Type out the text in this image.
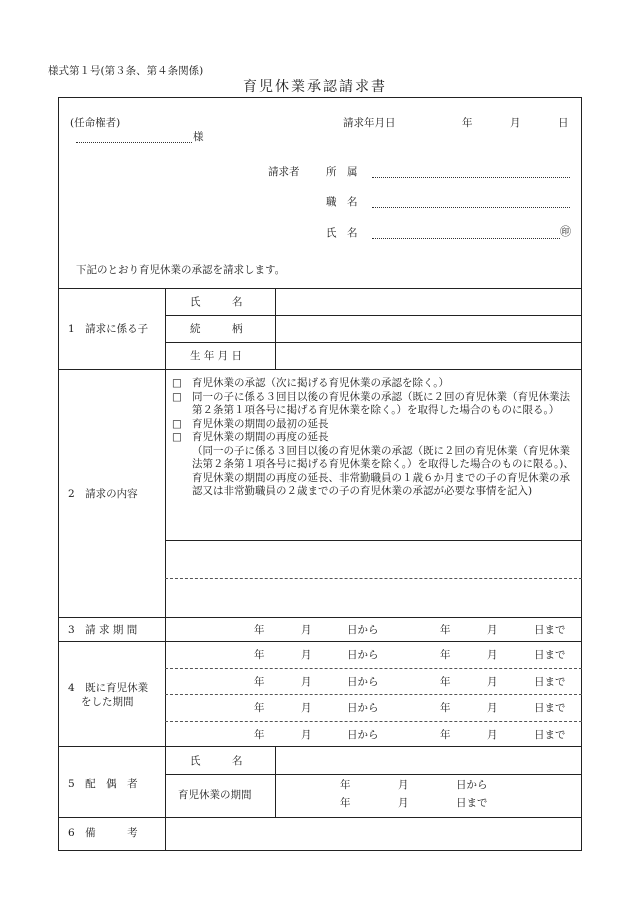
様式第１号(第３条、第４条関係)
育児休業承認請求書
(任命権者)
様
請求年月日	年	月	日
請求者	所　属
職　名
氏　名	㊞
下記のとおり育児休業の承認を請求します。
1　請求に係る子
氏　　　名
続　　　柄
生 年 月 日
2　請求の内容
□ 育児休業の承認（次に掲げる育児休業の承認を除く。）
□ 同一の子に係る３回目以後の育児休業の承認（既に２回の育児休業（育児休業法第２条第１項各号に掲げる育児休業を除く。）を取得した場合のものに限る。）
□ 育児休業の期間の最初の延長
□ 育児休業の期間の再度の延長
（同一の子に係る３回目以後の育児休業の承認（既に２回の育児休業（育児休業法第２条第１項各号に掲げる育児休業を除く。）を取得した場合のものに限る。)、育児休業の期間の再度の延長、非常勤職員の１歳６か月までの子の育児休業の承認又は非常勤職員の２歳までの子の育児休業の承認が必要な事情を記入)
3　請 求 期 間	年	月	日から	年	月	日まで
4　既に育児休業
をした期間
年	月	日から	年	月	日まで
年	月	日から	年	月	日まで
年	月	日から	年	月	日まで
年	月	日から	年	月	日まで
5　配　偶　者
氏　　　名
育児休業の期間
年	月	日から
年	月	日まで
6　備　　　考
